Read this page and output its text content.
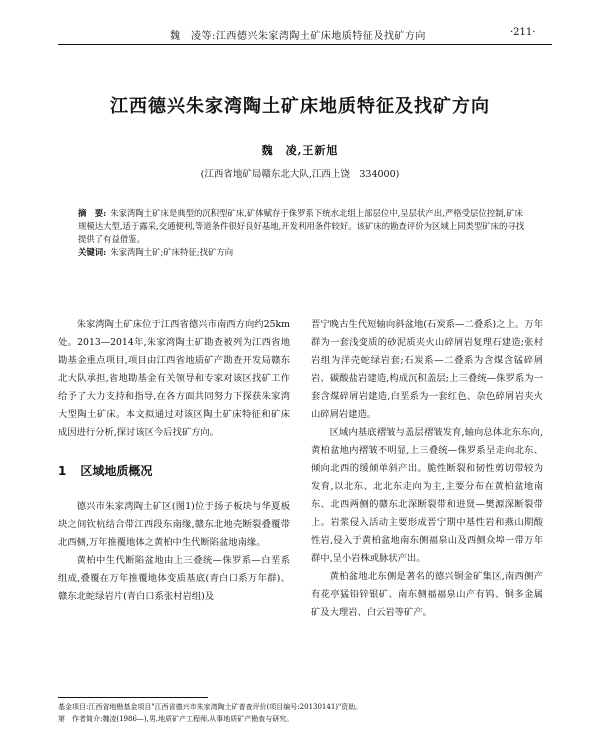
魏　凌等:江西德兴朱家湾陶土矿床地质特征及找矿方向	·211·
江西德兴朱家湾陶土矿床地质特征及找矿方向
魏　凌,王新旭
(江西省地矿局赣东北大队,江西上饶　334000)
摘　要: 朱家湾陶土矿床是典型的沉积型矿床,矿体赋存于侏罗系下统水北组上部层位中,呈层状产出,严格受层位控制,矿床规模达大型,适于露采,交通便利,等道条件很好良好基地,开发利用条件较好。该矿床的勘查评价为区域上同类型矿床的寻找提供了有益借鉴。
关键词: 朱家湾陶土矿;矿床特征;找矿方向

朱家湾陶土矿床位于江西省德兴市南西方向约25km处。2013—2014年,朱家湾陶土矿勘查被列为江西省地勘基金重点项目,项目由江西省地质矿产勘查开发局赣东北大队承担,省地勘基金有关领导和专家对该区找矿工作给予了大力支持和指导,在各方面共同努力下探获朱家湾大型陶土矿床。本文拟通过对该区陶土矿床特征和矿床成因进行分析,探讨该区今后找矿方向。

1 区域地质概况

德兴市朱家湾陶土矿区(图1)位于扬子板块与华夏板块之间钦杭结合带江西段东南缘,赣东北地壳断裂叠覆带北西侧,万年推覆地体之黄柏中生代断陷盆地南缘。

黄柏中生代断陷盆地由上三叠统—侏罗系—白垩系组成,叠覆在万年推覆地体变质基底(青白口系万年群)、赣东北蛇绿岩片(青白口系张村岩组)及

晋宁晚古生代短轴向斜盆地(石炭系—二叠系)之上。万年群为一套浅变质的砂泥质夹火山碎屑岩复理石建造;张村岩组为洋壳蛇绿岩套;石炭系—二叠系为含煤含锰碎屑岩、碳酸盐岩建造,构成沉积盖层;上三叠统—侏罗系为一套含煤碎屑岩建造,白垩系为一套红色、杂色碎屑岩夹火山碎屑岩建造。

区域内基底褶皱与盖层褶皱发育,轴向总体北东东向,黄柏盆地内褶皱不明显,上三叠统—侏罗系呈走向北东、倾向北西的缓倾单斜产出。脆性断裂和韧性剪切带较为发育,以北东、北北东走向为主,主要分布在黄柏盆地南东、北西两侧的赣东北深断裂带和进贤—樊源深断裂带上。岩浆侵入活动主要形成晋宁期中基性岩和燕山期酸性岩,侵入于黄柏盆地南东侧福泉山及西侧众埠一带万年群中,呈小岩株或脉状产出。

黄柏盆地北东侧是著名的德兴铜金矿集区,南西侧产有花亭猛铅锌银矿、南东侧福福泉山产有钨、铜多金属矿及大理岩、白云岩等矿产。

基金项目:江西省地勘基金项目"江西省德兴市朱家湾陶土矿普查评价(项目编号:20130141)"资助。
第　作者简介:魏凌(1986—),男,地质矿产工程师,从事地质矿产勘查与研究。
